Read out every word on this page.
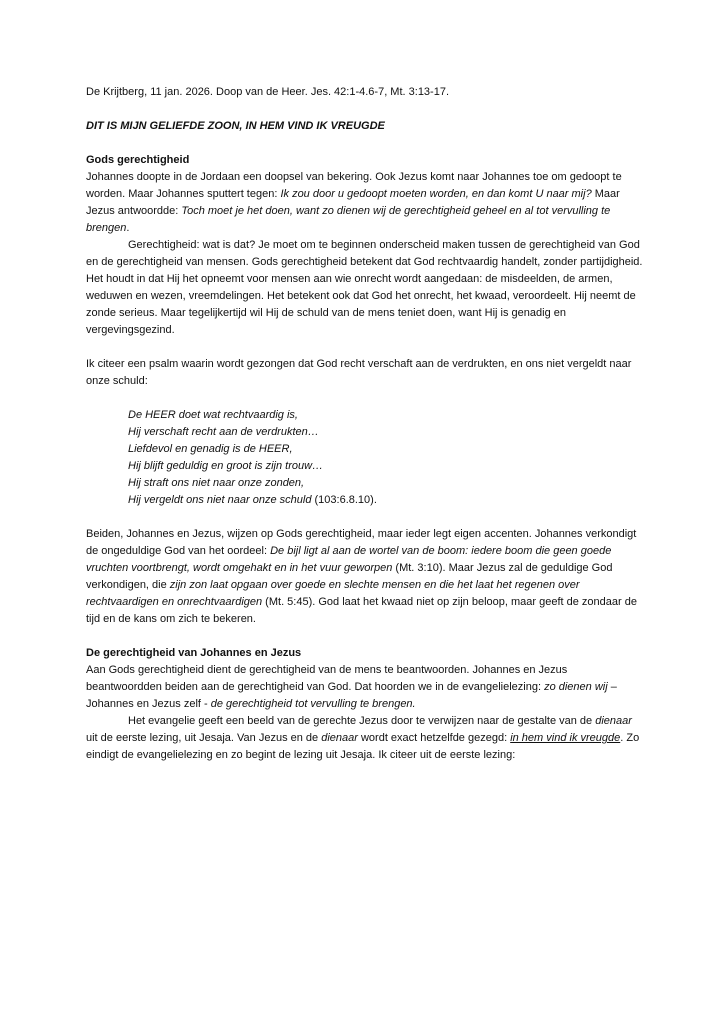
De Krijtberg, 11 jan. 2026. Doop van de Heer. Jes. 42:1-4.6-7, Mt. 3:13-17.

DIT IS MIJN GELIEFDE ZOON, IN HEM VIND IK VREUGDE

Gods gerechtigheid

Johannes doopte in de Jordaan een doopsel van bekering. Ook Jezus komt naar Johannes toe om gedoopt te worden. Maar Johannes sputtert tegen: Ik zou door u gedoopt moeten worden, en dan komt U naar mij? Maar Jezus antwoordde: Toch moet je het doen, want zo dienen wij de gerechtigheid geheel en al tot vervulling te brengen.

Gerechtigheid: wat is dat? Je moet om te beginnen onderscheid maken tussen de gerechtigheid van God en de gerechtigheid van mensen. Gods gerechtigheid betekent dat God rechtvaardig handelt, zonder partijdigheid. Het houdt in dat Hij het opneemt voor mensen aan wie onrecht wordt aangedaan: de misdeelden, de armen, weduwen en wezen, vreemdelingen. Het betekent ook dat God het onrecht, het kwaad, veroordeelt. Hij neemt de zonde serieus. Maar tegelijkertijd wil Hij de schuld van de mens teniet doen, want Hij is genadig en vergevingsgezind.

Ik citeer een psalm waarin wordt gezongen dat God recht verschaft aan de verdrukten, en ons niet vergeldt naar onze schuld:

De HEER doet wat rechtvaardig is,

Hij verschaft recht aan de verdrukten…

Liefdevol en genadig is de HEER,

Hij blijft geduldig en groot is zijn trouw…

Hij straft ons niet naar onze zonden,

Hij vergeldt ons niet naar onze schuld (103:6.8.10).

Beiden, Johannes en Jezus, wijzen op Gods gerechtigheid, maar ieder legt eigen accenten. Johannes verkondigt de ongeduldige God van het oordeel: De bijl ligt al aan de wortel van de boom: iedere boom die geen goede vruchten voortbrengt, wordt omgehakt en in het vuur geworpen (Mt. 3:10). Maar Jezus zal de geduldige God verkondigen, die zijn zon laat opgaan over goede en slechte mensen en die het laat het regenen over rechtvaardigen en onrechtvaardigen (Mt. 5:45). God laat het kwaad niet op zijn beloop, maar geeft de zondaar de tijd en de kans om zich te bekeren.

De gerechtigheid van Johannes en Jezus

Aan Gods gerechtigheid dient de gerechtigheid van de mens te beantwoorden. Johannes en Jezus beantwoordden beiden aan de gerechtigheid van God. Dat hoorden we in de evangelielezing: zo dienen wij – Johannes en Jezus zelf - de gerechtigheid tot vervulling te brengen.

Het evangelie geeft een beeld van de gerechte Jezus door te verwijzen naar de gestalte van de dienaar uit de eerste lezing, uit Jesaja. Van Jezus en de dienaar wordt exact hetzelfde gezegd: in hem vind ik vreugde. Zo eindigt de evangelielezing en zo begint de lezing uit Jesaja. Ik citeer uit de eerste lezing:
